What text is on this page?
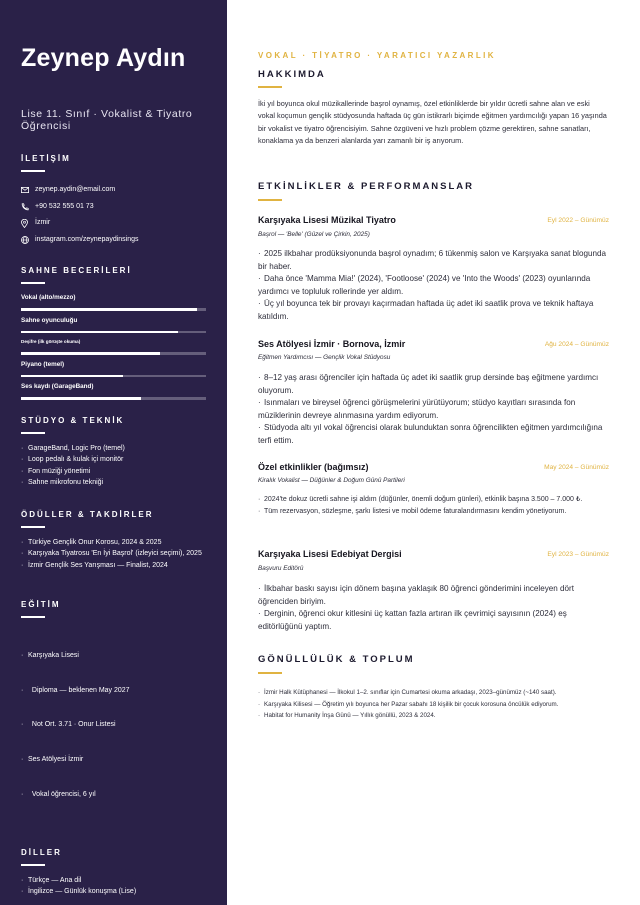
Zeynep Aydın
Lise 11. Sınıf · Vokalist & Tiyatro Öğrencisi
İLETİŞİM
zeynep.aydin@email.com
+90 532 555 01 73
İzmir
instagram.com/zeynepaydinsings
SAHNE BECERİLERİ
Vokal (alto/mezzo)
Sahne oyunculuğu
Deşifre (ilk görüşte okuma)
Piyano (temel)
Ses kaydı (GarageBand)
STÜDYO & TEKNİK
· GarageBand, Logic Pro (temel)
· Loop pedalı & kulak içi monitör
· Fon müziği yönetimi
· Sahne mikrofonu tekniği
ÖDÜLLER & TAKDİRLER
· Türkiye Gençlik Onur Korosu, 2024 & 2025
· Karşıyaka Tiyatrosu 'En İyi Başrol' (izleyici seçimi), 2025
· İzmir Gençlik Ses Yarışması — Finalist, 2024
EĞİTİM

· Karşıyaka Lisesi

·  Diploma — beklenen May 2027

·  Not Ort. 3.71 · Onur Listesi

· Ses Atölyesi İzmir

·  Vokal öğrencisi, 6 yıl

DİLLER
· Türkçe — Ana dil
· İngilizce — Günlük konuşma (Lise)
VOKAL · TİYATRO · YARATICI YAZARLIK
HAKKIMDA
İki yıl boyunca okul müzikallerinde başrol oynamış, özel etkinliklerde bir yıldır ücretli sahne alan ve eski vokal koçumun gençlik stüdyosunda haftada üç gün istikrarlı biçimde eğitmen yardımcılığı yapan 16 yaşında bir vokalist ve tiyatro öğrencisiyim. Sahne özgüveni ve hızlı problem çözme gerektiren, sahne sanatları, konaklama ya da benzeri alanlarda yarı zamanlı bir iş arıyorum.
ETKİNLİKLER & PERFORMANSLAR
Karşıyaka Lisesi Müzikal Tiyatro	Eyl 2022 – Günümüz
Başrol — 'Belle' (Güzel ve Çirkin, 2025)
· 2025 ilkbahar prodüksiyonunda başrol oynadım; 6 tükenmiş salon ve Karşıyaka sanat blogunda bir haber.
· Daha önce 'Mamma Mia!' (2024), 'Footloose' (2024) ve 'Into the Woods' (2023) oyunlarında yardımcı ve topluluk rollerinde yer aldım.
· Üç yıl boyunca tek bir provayı kaçırmadan haftada üç adet iki saatlik prova ve teknik haftaya katıldım.
Ses Atölyesi İzmir · Bornova, İzmir	Ağu 2024 – Günümüz
Eğitmen Yardımcısı — Gençlik Vokal Stüdyosu
· 8–12 yaş arası öğrenciler için haftada üç adet iki saatlik grup dersinde baş eğitmene yardımcı oluyorum.
· Isınmaları ve bireysel öğrenci görüşmelerini yürütüyorum; stüdyo kayıtları sırasında fon müziklerinin devreye alınmasına yardım ediyorum.
· Stüdyoda altı yıl vokal öğrencisi olarak bulunduktan sonra öğrencilikten eğitmen yardımcılığına terfi ettim.
Özel etkinlikler (bağımsız)	May 2024 – Günümüz
Kiralık Vokalist — Düğünler & Doğum Günü Partileri
· 2024'te dokuz ücretli sahne işi aldım (düğünler, önemli doğum günleri), etkinlik başına 3.500 – 7.000 ₺.
· Tüm rezervasyon, sözleşme, şarkı listesi ve mobil ödeme faturalandırmasını kendim yönetiyorum.
Karşıyaka Lisesi Edebiyat Dergisi	Eyl 2023 – Günümüz
Başvuru Editörü
· İlkbahar baskı sayısı için dönem başına yaklaşık 80 öğrenci gönderimini inceleyen dört öğrenciden biriyim.
· Derginin, öğrenci okur kitlesini üç kattan fazla artıran ilk çevrimiçi sayısının (2024) eş editörlüğünü yaptım.
GÖNÜLLÜLÜK & TOPLUM
· İzmir Halk Kütüphanesi — İlkokul 1–2. sınıflar için Cumartesi okuma arkadaşı, 2023–günümüz (~140 saat).
· Karşıyaka Kilisesi — Öğretim yılı boyunca her Pazar sabahı 18 kişilik bir çocuk korosuna öncülük ediyorum.
· Habitat for Humanity İnşa Günü — Yıllık gönüllü, 2023 & 2024.
